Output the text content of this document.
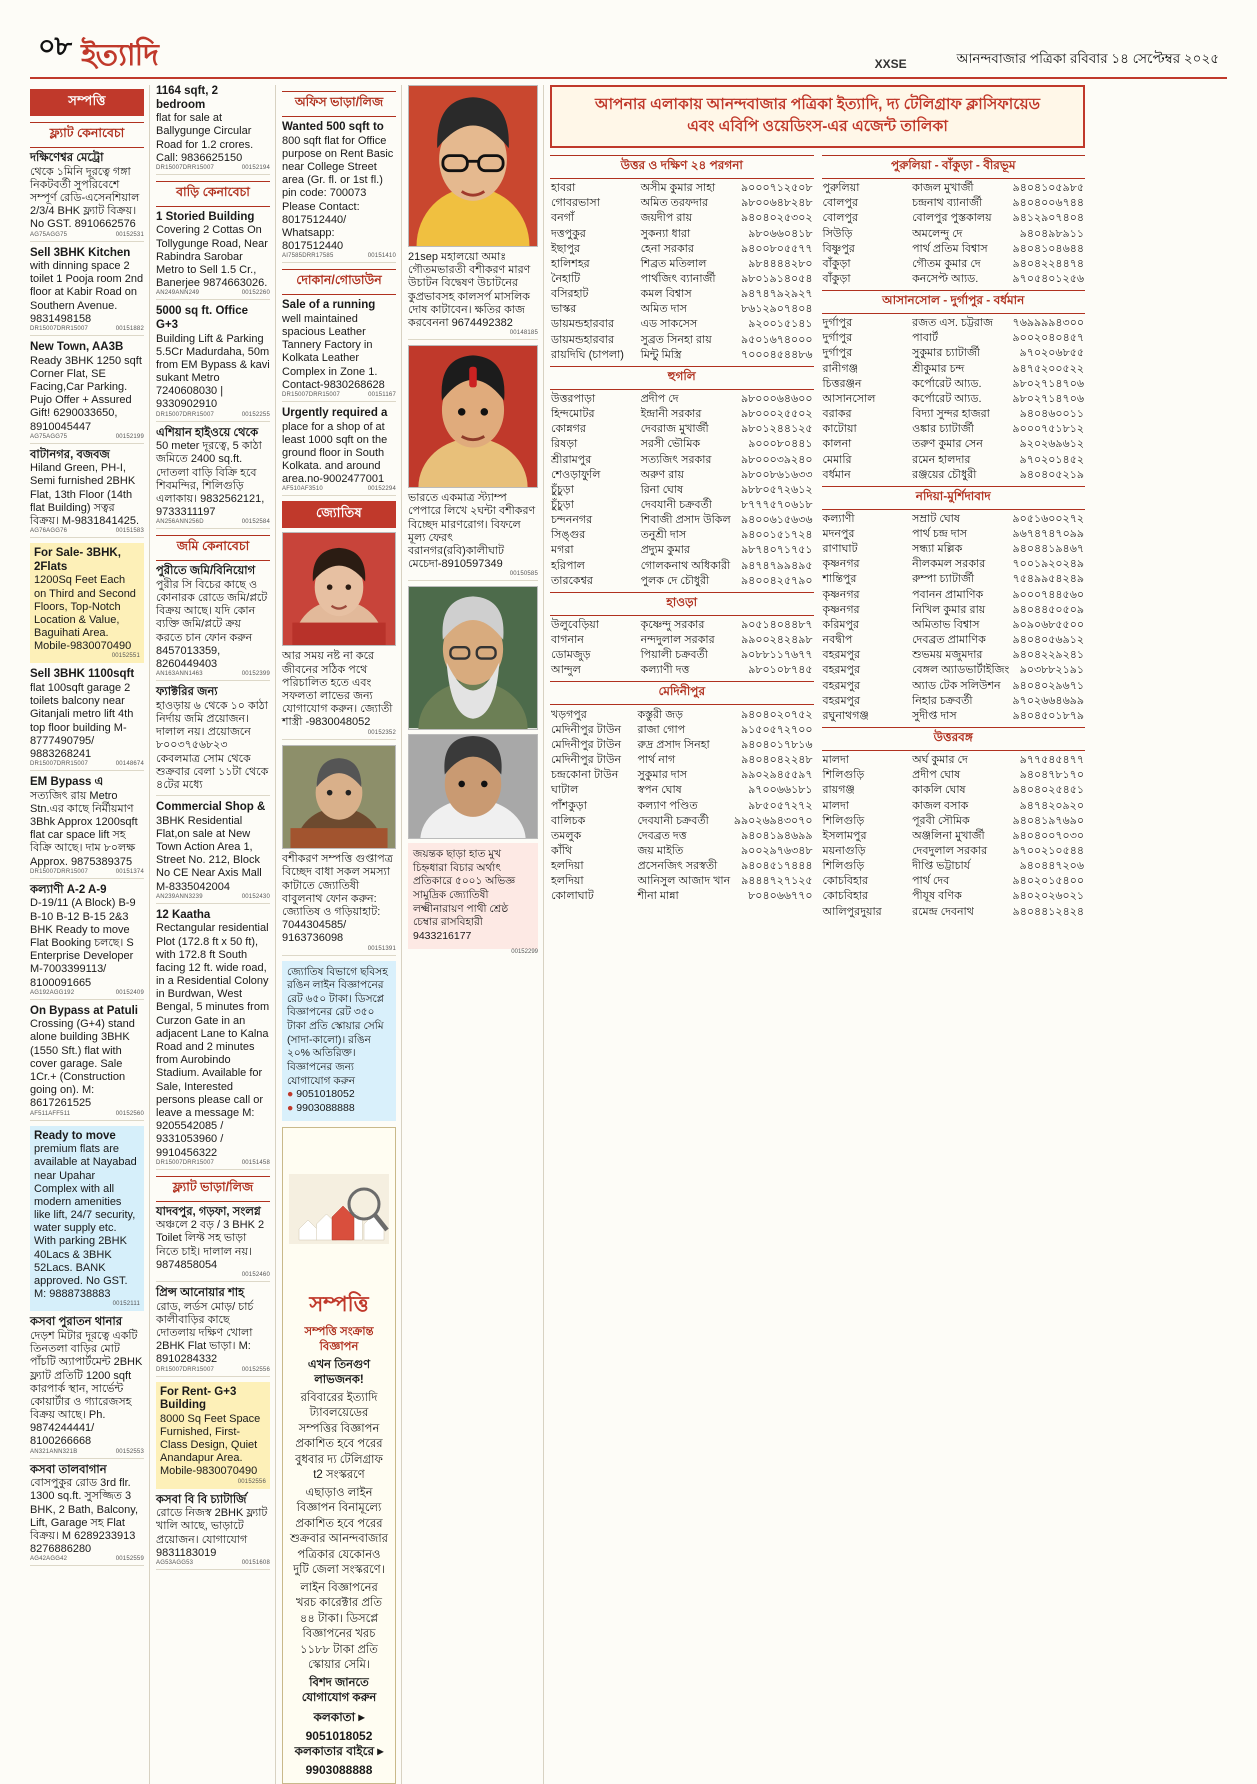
০৮ ইত্যাদি	XXSE	আনন্দবাজার পত্রিকা রবিবার ১৪ সেপ্টেম্বর ২০২৫
সম্পত্তি
ফ্ল্যাট কেনাবেচা
দক্ষিণেশ্বর মেট্রো
থেকে ১মিনি দূরত্বে গঙ্গা নিকটবর্তী সুপরিবেশে সম্পূর্ণ রেডি-এসেনশিয়াল 2/3/4 BHK ফ্ল্যাট বিক্রয়। No GST. 8910662576
AG75AGG75	00152531
Sell 3BHK Kitchen
with dinning space 2 toilet 1 Pooja room 2nd floor at Kabir Road on Southern Avenue. 9831498158
DR15007DRR15007	00151882
New Town, AA3B
Ready 3BHK 1250 sqft Corner Flat, SE Facing,Car Parking. Pujo Offer + Assured Gift! 6290033650, 8910045447
AG75AGG75	00152199
বাটানগর, বজবজ
Hiland Green, PH-I, Semi furnished 2BHK Flat, 13th Floor (14th flat Building) সত্বর বিক্রয়। M-9831841425.
AG76AGG76	00151583
For Sale- 3BHK, 2Flats
1200Sq Feet Each on Third and Second Floors, Top-Notch Location & Value, Baguihati Area. Mobile-9830070490
00152551
Sell 3BHK 1100sqft
flat 100sqft garage 2 toilets balcony near Gitanjali metro lift 4th top floor building M-8777490795/ 9883268241
DR15007DRR15007	00148674
EM Bypass এ
সত্যজিৎ রায় Metro Stn.এর কাছে নির্মীয়মাণ 3Bhk Approx 1200sqft flat car space lift সহ বিক্রি আছে। দাম ৮০লক্ষ Approx. 9875389375
DR15007DRR15007	00151374
কল্যাণী A-2 A-9
D-19/11 (A Block) B-9 B-10 B-12 B-15 2&3 BHK Ready to move Flat Booking চলছে। S Enterprise Developer M-7003399113/ 8100091665
AG192AGG192	00152409
On Bypass at Patuli
Crossing (G+4) stand alone building 3BHK (1550 Sft.) flat with cover garage. Sale 1Cr.+ (Construction going on). M: 8617261525
AF511AFF511	00152560
Ready to move
premium flats are available at Nayabad near Upahar Complex with all modern amenities like lift, 24/7 security, water supply etc. With parking 2BHK 40Lacs & 3BHK 52Lacs. BANK approved. No GST. M: 9888738883
00152111
কসবা পুরাতন থানার
দেড়শ মিটার দূরত্বে একটি তিনতলা বাড়ির মোট পাঁচটি অ্যাপার্টমেন্ট 2BHK ফ্ল্যাট প্রতিটি 1200 sqft কারপার্ক স্থান, সার্ভেন্ট কোয়ার্টার ও গ্যারেজসহ বিক্রয় আছে। Ph. 9874244441/ 8100266668
AN321ANN321B	00152553
কসবা তালবাগান
বোসপুকুর রোড 3rd flr. 1300 sq.ft. সুসজ্জিত 3 BHK, 2 Bath, Balcony, Lift, Garage সহ Flat বিক্রয়। M 6289233913 8276886280
AG42AGG42	00152559
1164 sqft, 2 bedroom
flat for sale at Ballygunge Circular Road for 1.2 crores. Call: 9836625150
DR15007DRR15007	00152194
বাড়ি কেনাবেচা
1 Storied Building
Covering 2 Cottas On Tollygunge Road, Near Rabindra Sarobar Metro to Sell 1.5 Cr., Banerjee 9874663026.
AN249ANN249	00152260
5000 sq ft. Office G+3
Building Lift & Parking 5.5Cr Madurdaha, 50m from EM Bypass & kavi sukant Metro 7240608030 | 9330902910
DR15007DRR15007	00152255
এশিয়ান হাইওয়ে থেকে
50 meter দূরত্বে, 5 কাঠা জমিতে 2400 sq.ft. দোতলা বাড়ি বিক্রি হবে শিবমন্দির, শিলিগুড়ি এলাকায়। 9832562121, 9733311197
AN256ANN256D	00152584
জমি কেনাবেচা
পুরীতে জমি/বিনিয়োগ
পুরীর সি বিচের কাছে ও কোনারক রোডে জমি/প্লটে বিক্রয় আছে। যদি কোন ব্যক্তি জমি/প্লটে ক্রয় করতে চান ফোন করুন 8457013359, 8260449403
AN163ANN1463	00152399
ফ্যাক্টরির জন্য
হাওড়ায় ৬ থেকে ১০ কাঠা নির্দায় জমি প্রয়োজন। দালাল নয়। প্রয়োজনে ৮০০৩৭৫৬৮২৩ কেবলমাত্র সোম থেকে শুক্রবার বেলা ১১টা থেকে ৪টের মধ্যে
Commercial Shop &
3BHK Residential Flat,on sale at New Town Action Area 1, Street No. 212, Block No CE Near Axis Mall M-8335042004
AN239ANN3239	00152430
12 Kaatha
Rectangular residential Plot (172.8 ft x 50 ft), with 172.8 ft South facing 12 ft. wide road, in a Residential Colony in Burdwan, West Bengal, 5 minutes from Curzon Gate in an adjacent Lane to Kalna Road and 2 minutes from Aurobindo Stadium. Available for Sale, Interested persons please call or leave a message M: 9205542085 / 9331053960 / 9910456322
DR15007DRR15007	00151458
ফ্ল্যাট ভাড়া/লিজ
যাদবপুর, গড়ফা, সংলগ্ন
অঞ্চলে 2 বড় / 3 BHK 2 Toilet লিফ্ট সহ ভাড়া নিতে চাই। দালাল নয়। 9874858054
00152460
প্রিন্স আনোয়ার শাহ
রোড, লর্ডস মোড়/ চার্চ কালীবাড়ির কাছে দোতলায় দক্ষিণ খোলা 2BHK Flat ভাড়া। M: 8910284332
DR15007DRR15007	00152556
For Rent- G+3 Building
8000 Sq Feet Space Furnished, First-Class Design, Quiet Anandapur Area. Mobile-9830070490
00152556
কসবা বি বি চ্যাটার্জি
রোডে নিজস্ব 2BHK ফ্ল্যাট খালি আছে, ভাড়াটে প্রয়োজন। যোগাযোগ 9831183019
AG53AGG53	00151608
অফিস ভাড়া/লিজ
Wanted 500 sqft to
800 sqft flat for Office purpose on Rent Basic near College Street area (Gr. fl. or 1st fl.) pin code: 700073 Please Contact: 8017512440/ Whatsapp: 8017512440
AI7585DRR17585	00151410
দোকান/গোডাউন
Sale of a running
well maintained spacious Leather Tannery Factory in Kolkata Leather Complex in Zone 1. Contact-9830268628
DR15007DRR15007	00151167
Urgently required a
place for a shop of at least 1000 sqft on the ground floor in South Kolkata. and around area.no-9002477001
AF510AF3510	00152294
জ্যোতিষ
আর সময় নষ্ট না করে জীবনের সঠিক পথে পরিচালিত হতে এবং সফলতা লাভের জন্য যোগাযোগ করুন। জ্যোতী শাস্ত্রী -9830048052
00152352
বশীকরণ সম্পত্তি গুপ্তাপত্র বিচ্ছেদ বাধা সকল সমস্যা কাটাতে জ্যোতিষী বাবুলনাথ ফোন করুন: জ্যোতিষ ও গড়িয়াহাট: 7044304585/ 9163736098
00151391
জ্যোতিষ বিভাগে ছবিসহ রঙিন লাইন বিজ্ঞাপনের রেট ৬৫০ টাকা। ডিসপ্লে বিজ্ঞাপনের রেট ৩৫০ টাকা প্রতি স্কোয়ার সেমি (সাদা-কালো)। রঙিন ২০% অতিরিক্ত। বিজ্ঞাপনের জন্য যোগাযোগ করুন
● 9051018052
● 9903088888
সম্পত্তি

সম্পত্তি সংক্রান্ত বিজ্ঞাপন

এখন তিনগুণ লাভজনক!

রবিবারের ইত্যাদি ট্যাবলয়েডের সম্পত্তির বিজ্ঞাপন প্রকাশিত হবে পরের বুধবার দ্য টেলিগ্রাফ t2 সংস্করণে

এছাড়াও লাইন বিজ্ঞাপন বিনামূল্যে প্রকাশিত হবে পরের শুক্রবার আনন্দবাজার পত্রিকার যেকোনও দুটি জেলা সংস্করণে।

লাইন বিজ্ঞাপনের খরচ কারেক্টার প্রতি ৪৪ টাকা। ডিসপ্লে বিজ্ঞাপনের খরচ ১১৮৮ টাকা প্রতি স্কোয়ার সেমি।

বিশদ জানতে যোগাযোগ করুন

কলকাতা ▸ 9051018052
কলকাতার বাইরে ▸ 9903088888
21sep মহালয়ো অমাঃ গৌতমভারতী বশীকরণ মারণ উচাটন বিদ্বেষণ উচাটনের কুপ্রভাবসহ কালসর্প মাসলিক দোষ কাটাবেন। ক্ষতির কাজ করবেননা 9674492382
00148185
ভারতে একমাত্র স্ট্যাম্প পেপারে লিখে ২ঘন্টা বশীকরণ বিচ্ছেদ মারণরোগ। বিফলে মূল্য ফেরৎ বরানগর(রবি)কালীঘাট মেচেদা-8910597349
00150585
জয়ন্তক ছাড়া হাত মুখ চিহ্নধারা বিচার অর্থাৎ প্রতিকারে ৫০০১ অভিজ্ঞ সামুদ্রিক জ্যোতিষী লক্ষ্মীনারায়ণ পাথী শ্রেষ্ঠ চেম্বার রাসবিহারী 9433216177
00152299
আপনার এলাকায় আনন্দবাজার পত্রিকা ইত্যাদি, দ্য টেলিগ্রাফ ক্লাসিফায়েড
এবং এবিপি ওয়েডিংস-এর এজেন্ট তালিকা
উত্তর ও দক্ষিণ ২৪ পরগনা
হাবরা	অসীম কুমার সাহা	৯০০০৭১২৫০৮
গোবরভাসা	অমিত তরফদার	৯৮০০৬৪৮২৪৮
বনগাঁ	জয়দীপ রায়	৯৪০৪০২৫৩০২
দত্তপুকুর	সুকন্যা ধারা	৯৮০৬৬০৪১৮
ইছাপুর	হেনা সরকার	৯৪০০৮০৫৫৭৭
হালিশহর	শিব্রত মতিলাল	৯৮৪৪৪৪২৮০
নৈহাটি	পার্থজিৎ ব্যানার্জী	৯৮০১৯১৪০৫৪
বসিরহাট	কমল বিশ্বাস	৯৪৭৪৭৯২৯২৭
ভাস্কর	অমিত দাস	৮৬১২৯০৭৪০৪
ডায়মন্ডহারবার	এড সাকসেস	৯২০০১৫১৪১
ডায়মন্ডহারবার	সুব্রত সিনহা রায়	৯৫০১৬৭৪০০০
রায়দিঘি (চাপলা)	মিন্টু মিস্ত্রি	৭০০০৪৫৪৪৮৬
হুগলি
উত্তরপাড়া	প্রদীপ দে	৯৮০০০৬৪৬০০
হিন্দমোটর	ইন্দ্রানী সরকার	৯৮০০০২৫৫০২
কোন্নগর	দেবরাজ মুখার্জী	৯৮০১২৪৪১২৫
রিষড়া	সরসী ভৌমিক	৯০০০৮০৪৪১
শ্রীরামপুর	সত্যজিৎ সরকার	৯৮০০০৩৯২৪০
শেওড়াফুলি	অরুণ রায়	৯৮০০৮৬১৬৩৩
চুঁচুড়া	রিনা ঘোষ	৯৮৮০৫৭২৬১২
চুঁচুড়া	দেবযানী চক্রবর্তী	৮৭৭৭৫৭০৬১৮
চন্দননগর	শিবাজী প্রসাদ উকিল	৯৪০০৬১৫৬৩৬
সিঙ্গুর	তনুশ্রী দাস	৯৪০০১৫১৭২৪
মগরা	প্রদ্যুম কুমার	৯৮৭৪০৭১৭৫১
হরিপাল	গোলকনাথ অধিকারী	৯৪৭৪৭৯৯৪৯৫
তারকেশ্বর	পুলক দে চৌধুরী	৯৪০০৪২৫৭৯০
হাওড়া
উলুবেড়িয়া	কৃষ্ণেন্দু সরকার	৯০৫১৪০৪৪৮৭
বাগনান	নন্দদুলাল সরকার	৯৯০০২৪২৪৯৮
ডোমজুড়	পিয়ালী চক্রবর্তী	৯০৮৮১১৭৬৭৭
আন্দুল	কল্যাণী দত্ত	৯৮০১০৮৭৪৫
মেদিনীপুর
খড়গপুর	কস্তুরী জড়	৯৪০৪০২০৭৫২
মেদিনীপুর টাউন	রাজা গোপ	৯১৫০৫৭২৭০০
মেদিনীপুর টাউন	রুদ্র প্রসাদ সিনহা	৯৪০৪০১৭৮১৬
মেদিনীপুর টাউন	পার্থ নাগ	৯৪০৪০৪২২৪৮
চন্দ্রকোনা টাউন	সুকুমার দাস	৯৯০২৯৪৫৫৯৭
ঘাটাল	স্বপন ঘোষ	৯৭০০৬৬১৮১
পাঁশকুড়া	কল্যাণ পণ্ডিত	৯৮৫০৫৭২৭২
বালিচক	দেবযানী চক্রবর্তী	৯৯০২৬৯৪৩০৭০
তমলুক	দেবব্রত দত্ত	৯৪০৪১৯৪৬৯৯
কাঁথি	জয় মাইতি	৯০০২৯৭৬৩৪৮
হলদিয়া	প্রসেনজিৎ সরস্বতী	৯৪০৪৫১৭৪৪৪
হলদিয়া	আনিসুল আজাদ খান	৯৪৪৪৭২৭১২৫
কোলাঘাট	শীনা মান্না	৮০৪০৬৬৭৭০
পুরুলিয়া - বাঁকুড়া - বীরভূম
পুরুলিয়া	কাজল মুখার্জী	৯৪০৪১০৫৯৮৫
বোলপুর	চন্দ্রনাথ ব্যানার্জী	৯৪০৪০০৬৭৪৪
বোলপুর	বোলপুর পুস্তকালয়	৯৪১২৯০৭৪০৪
সিউড়ি	অমলেন্দু দে	৯৪০৪৯৮৯১১
বিষ্ণুপুর	পার্থ প্রতিম বিশ্বাস	৯৪০৪১০৪৬৪৪
বাঁকুড়া	গৌতম কুমার দে	৯৪০৪২২৪৪৭৪
বাঁকুড়া	কনসেপ্ট আ্যড.	৯৭০৫৪০১২৫৬
আসানসোল - দুর্গাপুর - বর্ধমান
দুর্গাপুর	রজত এস. চট্টরাজ	৭৬৯৯৯৯৪৩০০
দুর্গাপুর	পাবার্ট	৯০০২০৪০৪৫৭
দুর্গাপুর	সুকুমার চ্যাটার্জী	৯৭০২০৬৮৫৫
রানীগঞ্জ	শ্রীকুমার চন্দ	৯৪৭৫২০০৫২২
চিত্তরঞ্জন	কর্পোরেট আ্যড.	৯৮০২৭১৪৭০৬
আসানসোল	কর্পোরেট আ্যড.	৯৮০২৭১৪৭০৬
বরাকর	বিদ্যা সুন্দর হাজরা	৯৪০৪৬০০১১
কাটোয়া	ওঙ্কার চ্যাটার্জী	৯০০০৭৫১৮১২
কালনা	তরুণ কুমার সেন	৯২০২৬৯৬১২
মেমারি	রমেন হালদার	৯৭০২০১৪৫২
বর্ধমান	রঞ্জয়ের চৌধুরী	৯৪০৪০৫২১৯
নদিয়া-মুর্শিদাবাদ
কল্যাণী	সম্রাট ঘোষ	৯০৫১৬০০২৭২
মদনপুর	পার্থ চন্দ্র দাস	৯৬৭৪৭৪৭০৯৯
রাণাঘাট	সন্ধ্যা মল্লিক	৯৪০৪৪১৯৪৬৭
কৃষ্ণনগর	নীলকমল সরকার	৭০০১৯২০২৪৯
শান্তিপুর	রুম্পা চ্যাটার্জী	৭৫৪৯৯৫৪২৪৯
কৃষ্ণনগর	পবানন প্রামাণিক	৯০০০৭৪৪৫৬০
কৃষ্ণনগর	নিখিল কুমার রায়	৯৪০৪৪৫০৫০৯
করিমপুর	অমিতাভ বিশ্বাস	৯০৯০৬৮৫৫০০
নবদ্বীপ	দেবব্রত প্রামাণিক	৯৪০৪০৫৬৯১২
বহরমপুর	শুভময় মজুমদার	৯৪০৪২২৯২৪১
বহরমপুর	বেঙ্গল অ্যাডভার্টাইজিং	৯০৩৮৮২১৯১
বহরমপুর	অ্যাড টেক সলিউশন	৯৪০৪০২৯৬৭১
বহরমপুর	নিহার চক্রবর্তী	৯৭০২৬৬৪৬৯৯
রঘুনাথগঞ্জ	সুদীপ্ত দাস	৯৪০৪৫০১৮৭৯
উত্তরবঙ্গ
মালদা	অর্ঘ কুমার দে	৯৭৭৫৪৫৪৭৭
শিলিগুড়ি	প্রদীপ ঘোষ	৯৪০৪৭৮১৭০
রায়গঞ্জ	কাকলি ঘোষ	৯৪০৪০২৫৪৫১
মালদা	কাজল বসাক	৯৪৭৪২০৯২০
শিলিগুড়ি	পূরবী সৌমিক	৯৪০৪১৯৭৬৯০
ইসলামপুর	অঞ্জলিনা মুখার্জী	৯৪০৪০০৭০৩০
ময়নাগুড়ি	দেবদুলাল সরকার	৯৭০০২১০৫৪৪
শিলিগুড়ি	দীপ্তি ভট্টাচার্য	৯৪০৪৪৭২০৬
কোচবিহার	পার্থ দেব	৯৪০২০১৫৪০০
কোচবিহার	পীযূষ বণিক	৯৪০২০২৬০২১
আলিপুরদুয়ার	রমেন্দ্র দেবনাথ	৯৪০৪৪১২৪২৪
